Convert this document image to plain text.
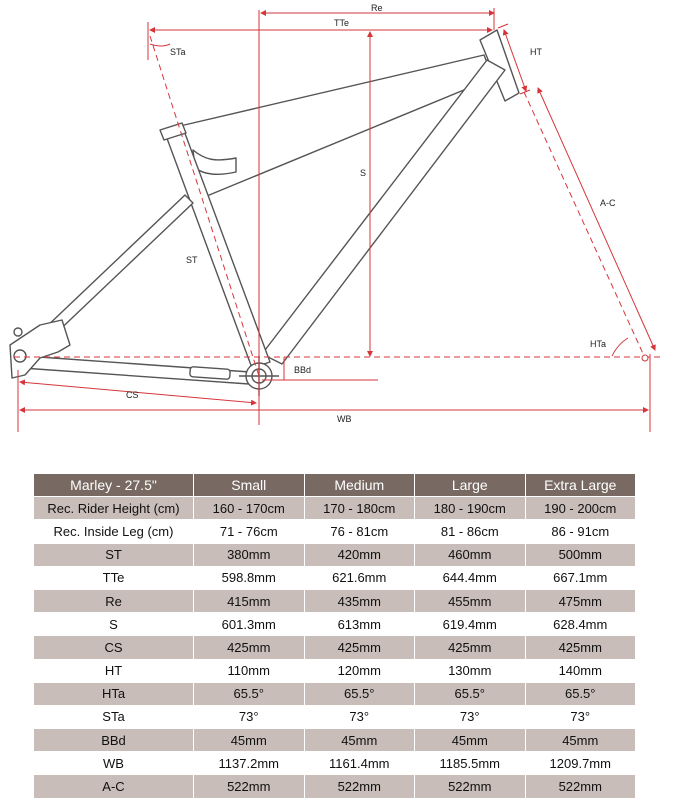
Re
TTe
STa	HT
S
A-C
ST
HTa
BBd
CS
WB
Marley - 27.5"	Small	Medium	Large	Extra Large
Rec. Rider Height (cm)	160 - 170cm	170 - 180cm	180 - 190cm	190 - 200cm
Rec. Inside Leg (cm)	71 - 76cm	76 - 81cm	81 - 86cm	86 - 91cm
ST	380mm	420mm	460mm	500mm
TTe	598.8mm	621.6mm	644.4mm	667.1mm
Re	415mm	435mm	455mm	475mm
S	601.3mm	613mm	619.4mm	628.4mm
CS	425mm	425mm	425mm	425mm
HT	110mm	120mm	130mm	140mm
HTa	65.5°	65.5°	65.5°	65.5°
STa	73°	73°	73°	73°
BBd	45mm	45mm	45mm	45mm
WB	1137.2mm	1161.4mm	1185.5mm	1209.7mm
A-C	522mm	522mm	522mm	522mm
